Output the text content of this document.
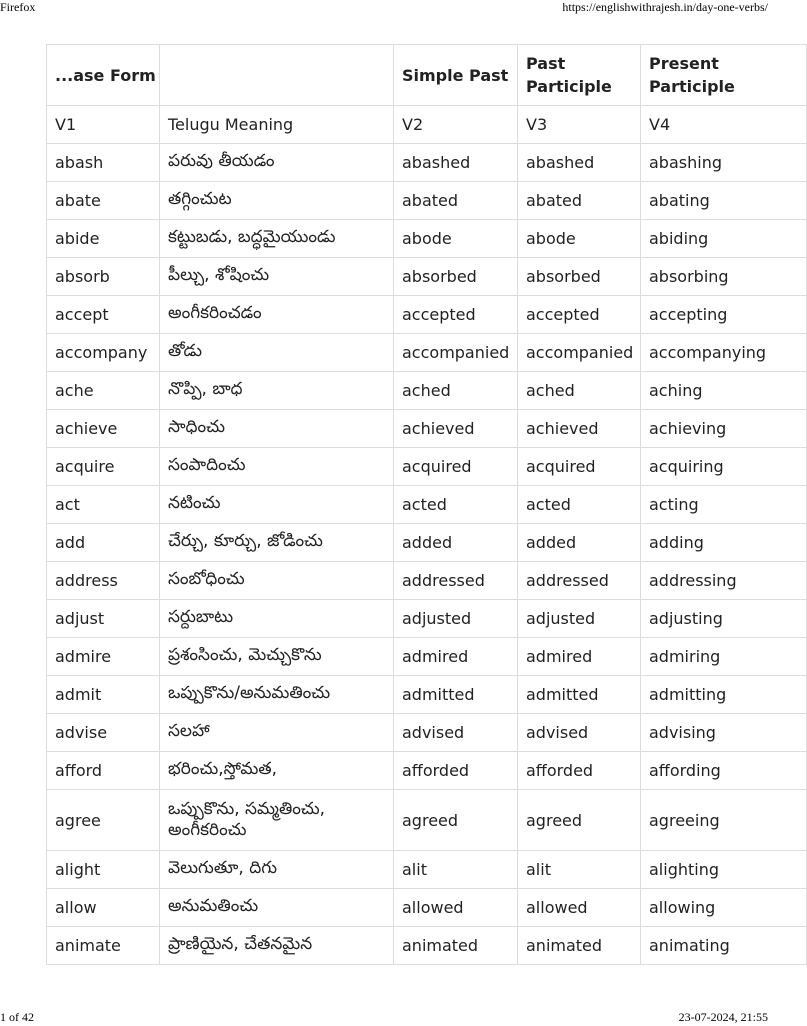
Firefox	https://englishwithrajesh.in/day-one-verbs/
...ase Form		Simple Past	Past Participle	Present Participle
V1	Telugu Meaning	V2	V3	V4
abash	పరువు తీయడం	abashed	abashed	abashing
abate	తగ్గించుట	abated	abated	abating
abide	కట్టుబడు, బద్ధమైయుండు	abode	abode	abiding
absorb	పీల్చు, శోషించు	absorbed	absorbed	absorbing
accept	అంగీకరించడం	accepted	accepted	accepting
accompany	తోడు	accompanied	accompanied	accompanying
ache	నొప్పి, బాధ	ached	ached	aching
achieve	సాధించు	achieved	achieved	achieving
acquire	సంపాదించు	acquired	acquired	acquiring
act	నటించు	acted	acted	acting
add	చేర్చు, కూర్చు, జోడించు	added	added	adding
address	సంబోధించు	addressed	addressed	addressing
adjust	సర్దుబాటు	adjusted	adjusted	adjusting
admire	ప్రశంసించు, మెచ్చుకొను	admired	admired	admiring
admit	ఒప్పుకొను/అనుమతించు	admitted	admitted	admitting
advise	సలహా	advised	advised	advising
afford	భరించు,స్తోమత,	afforded	afforded	affording
agree	ఒప్పుకొను, సమ్మతించు, అంగీకరించు	agreed	agreed	agreeing
alight	వెలుగుతూ, దిగు	alit	alit	alighting
allow	అనుమతించు	allowed	allowed	allowing
animate	ప్రాణియైన, చేతనమైన	animated	animated	animating
1 of 42	23-07-2024, 21:55
